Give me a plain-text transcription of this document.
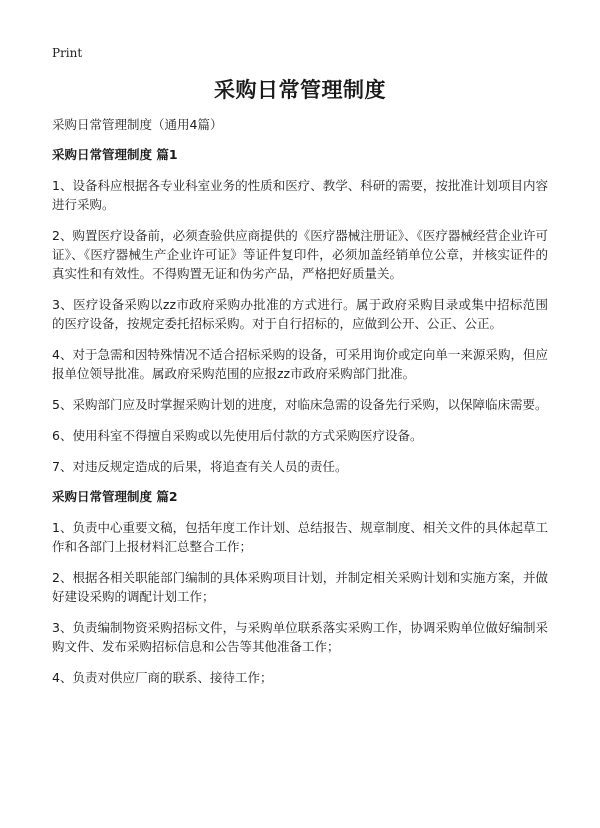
Print
采购日常管理制度
采购日常管理制度（通用4篇）
采购日常管理制度 篇1

1、设备科应根据各专业科室业务的性质和医疗、教学、科研的需要，按批准计划项目内容进行采购。

2、购置医疗设备前，必须查验供应商提供的《医疗器械注册证》、《医疗器械经营企业许可证》、《医疗器械生产企业许可证》等证件复印件，必须加盖经销单位公章，并核实证件的真实性和有效性。不得购置无证和伪劣产品，严格把好质量关。

3、医疗设备采购以zz市政府采购办批准的方式进行。属于政府采购目录或集中招标范围的医疗设备，按规定委托招标采购。对于自行招标的，应做到公开、公正、公正。

4、对于急需和因特殊情况不适合招标采购的设备，可采用询价或定向单一来源采购，但应报单位领导批准。属政府采购范围的应报zz市政府采购部门批准。

5、采购部门应及时掌握采购计划的进度，对临床急需的设备先行采购，以保障临床需要。

6、使用科室不得擅自采购或以先使用后付款的方式采购医疗设备。

7、对违反规定造成的后果，将追查有关人员的责任。

采购日常管理制度 篇2

1、负责中心重要文稿，包括年度工作计划、总结报告、规章制度、相关文件的具体起草工作和各部门上报材料汇总整合工作；

2、根据各相关职能部门编制的具体采购项目计划，并制定相关采购计划和实施方案，并做好建设采购的调配计划工作；

3、负责编制物资采购招标文件，与采购单位联系落实采购工作，协调采购单位做好编制采购文件、发布采购招标信息和公告等其他准备工作；

4、负责对供应厂商的联系、接待工作；
